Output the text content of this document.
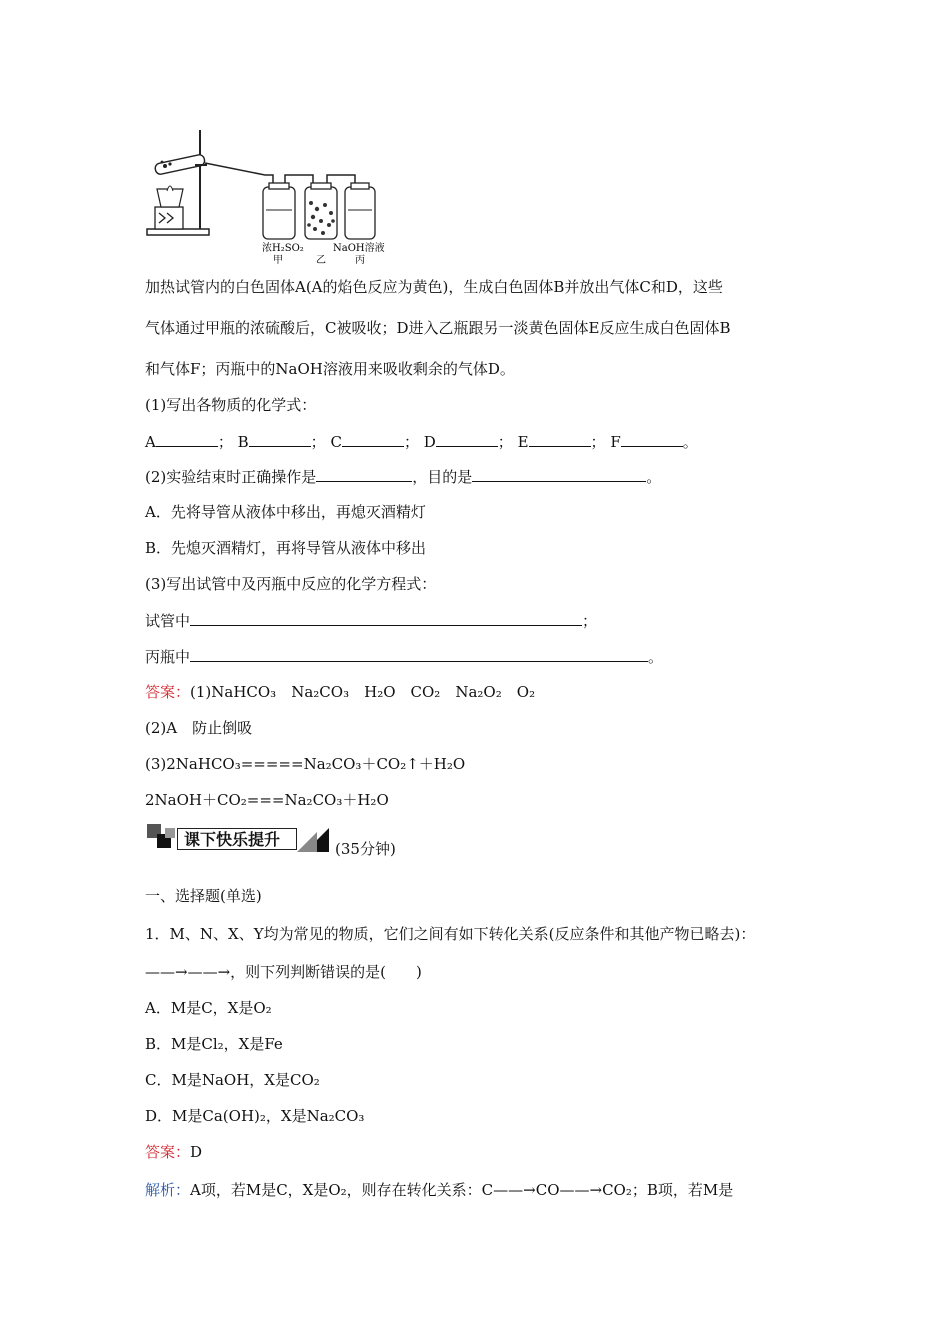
浓H₂SO₂
甲	乙
NaOH溶液
丙
加热试管内的白色固体A(A的焰色反应为黄色)，生成白色固体B并放出气体C和D，这些
气体通过甲瓶的浓硫酸后，C被吸收；D进入乙瓶跟另一淡黄色固体E反应生成白色固体B
和气体F；丙瓶中的NaOH溶液用来吸收剩余的气体D。
(1)写出各物质的化学式：
A	； B	； C	； D	； E	； F	。
(2)实验结束时正确操作是	，目的是	。
A．先将导管从液体中移出，再熄灭酒精灯
B．先熄灭酒精灯，再将导管从液体中移出
(3)写出试管中及丙瓶中反应的化学方程式：
试管中	；
丙瓶中	。
答案：(1)NaHCO₃　 Na₂CO₃　 H₂O　 CO₂　 Na₂O₂　 O₂
(2)A　防止倒吸
(3)2NaHCO₃=====Na₂CO₃＋CO₂↑＋H₂O
2NaOH＋CO₂===Na₂CO₃＋H₂O
课下快乐提升	(35分钟)
一、选择题(单选)
1．M、N、X、Y均为常见的物质，它们之间有如下转化关系(反应条件和其他产物已略去)：
——→——→，则下列判断错误的是(　　)
A．M是C，X是O₂
B．M是Cl₂，X是Fe
C．M是NaOH，X是CO₂
D．M是Ca(OH)₂，X是Na₂CO₃
答案：D
解析：A项，若M是C，X是O₂，则存在转化关系：C——→CO——→CO₂；B项，若M是
